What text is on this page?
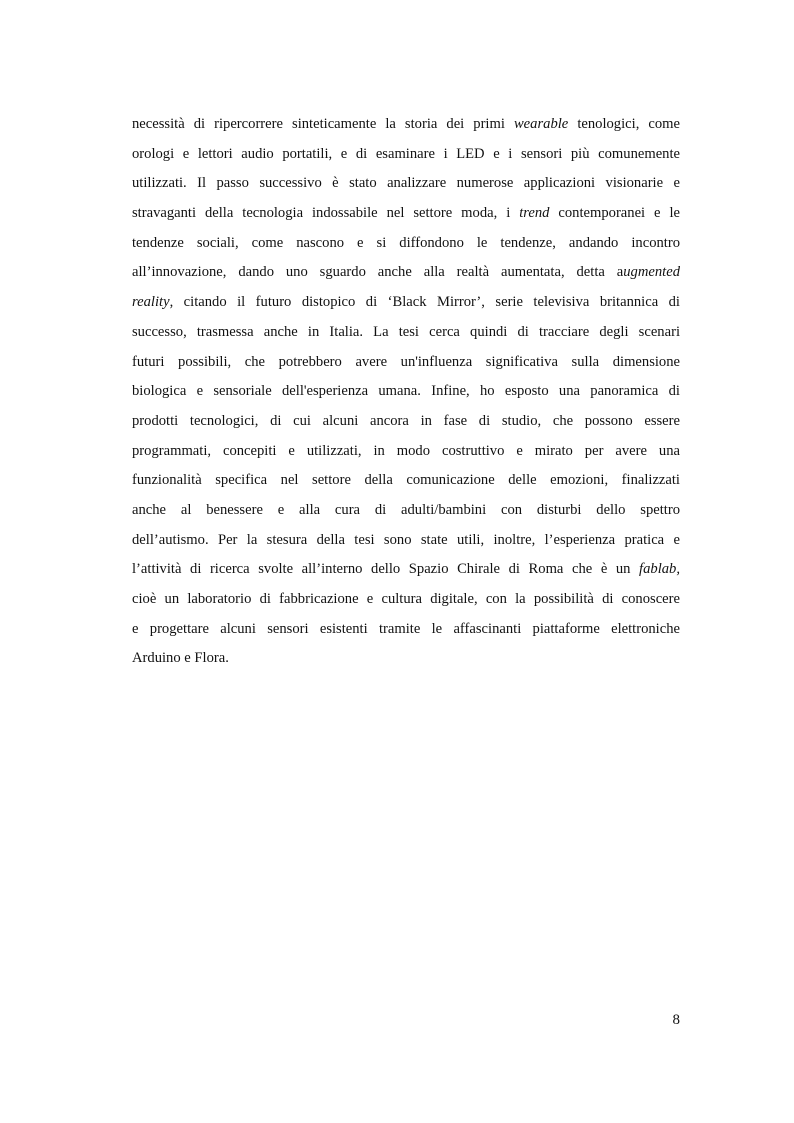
necessità di ripercorrere sinteticamente la storia dei primi wearable tenologici, come
orologi e lettori audio portatili, e di esaminare i LED e i sensori più comunemente
utilizzati. Il passo successivo è stato analizzare numerose applicazioni visionarie e
stravaganti della tecnologia indossabile nel settore moda, i trend contemporanei e le
tendenze sociali, come nascono e si diffondono le tendenze, andando incontro
all’innovazione, dando uno sguardo anche alla realtà aumentata, detta augmented
reality, citando il futuro distopico di ‘Black Mirror’, serie televisiva britannica di
successo, trasmessa anche in Italia. La tesi cerca quindi di tracciare degli scenari
futuri possibili, che potrebbero avere un'influenza significativa sulla dimensione
biologica e sensoriale dell'esperienza umana. Infine, ho esposto una panoramica di
prodotti tecnologici, di cui alcuni ancora in fase di studio, che possono essere
programmati, concepiti e utilizzati, in modo costruttivo e mirato per avere una
funzionalità specifica nel settore della comunicazione delle emozioni, finalizzati
anche al benessere e alla cura di adulti/bambini con disturbi dello spettro
dell’autismo. Per la stesura della tesi sono state utili, inoltre, l’esperienza pratica e
l’attività di ricerca svolte all’interno dello Spazio Chirale di Roma che è un fablab,
cioè un laboratorio di fabbricazione e cultura digitale, con la possibilità di conoscere
e progettare alcuni sensori esistenti tramite le affascinanti piattaforme elettroniche
Arduino e Flora.
8
